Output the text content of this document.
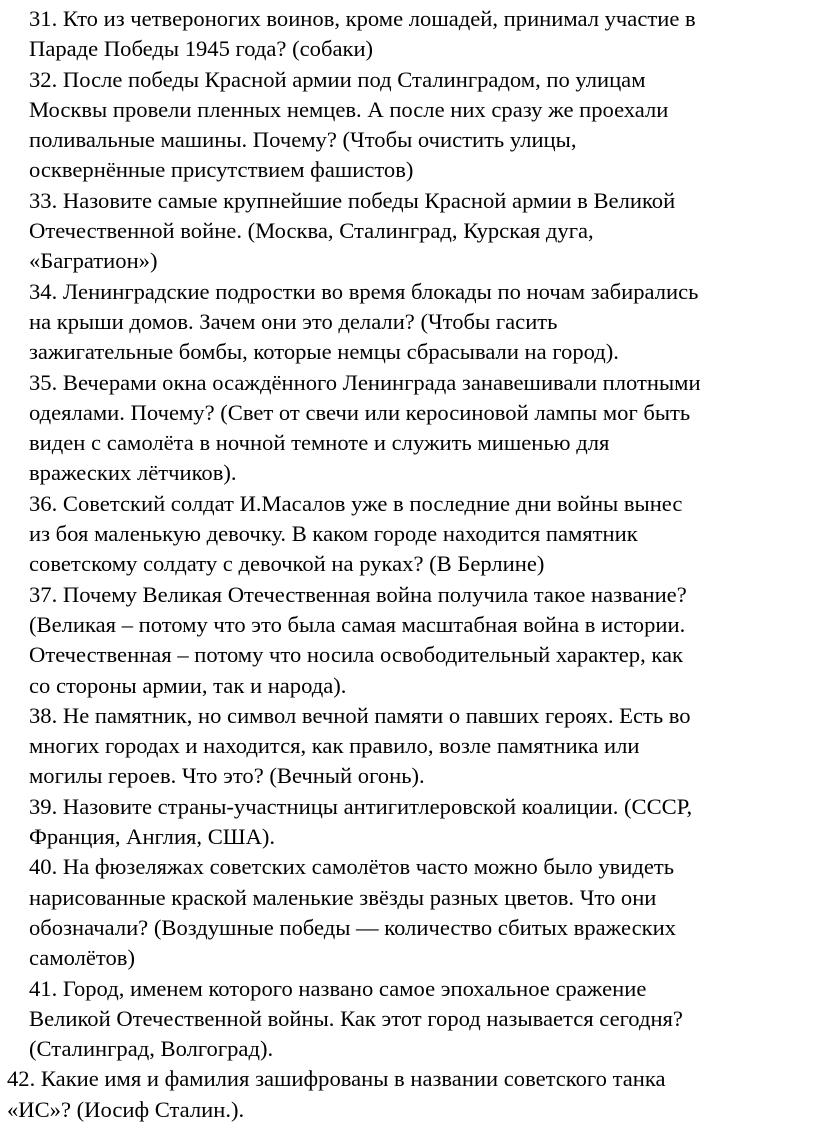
31. Кто из четвероногих воинов, кроме лошадей, принимал участие в
Параде Победы 1945 года? (собаки)

32. После победы Красной армии под Сталинградом, по улицам
Москвы провели пленных немцев. А после них сразу же проехали
поливальные машины. Почему? (Чтобы очистить улицы,
осквернённые присутствием фашистов)

33. Назовите самые крупнейшие победы Красной армии в Великой
Отечественной войне. (Москва, Сталинград, Курская дуга,
«Багратион»)

34. Ленинградские подростки во время блокады по ночам забирались
на крыши домов. Зачем они это делали? (Чтобы гасить
зажигательные бомбы, которые немцы сбрасывали на город).

35. Вечерами окна осаждённого Ленинграда занавешивали плотными
одеялами. Почему? (Свет от свечи или керосиновой лампы мог быть
виден с самолёта в ночной темноте и служить мишенью для
вражеских лётчиков).

36. Советский солдат И.Масалов уже в последние дни войны вынес
из боя маленькую девочку. В каком городе находится памятник
советскому солдату с девочкой на руках? (В Берлине)

37. Почему Великая Отечественная война получила такое название?
(Великая – потому что это была самая масштабная война в истории.
Отечественная – потому что носила освободительный характер, как
со стороны армии, так и народа).

38. Не памятник, но символ вечной памяти о павших героях. Есть во
многих городах и находится, как правило, возле памятника или
могилы героев. Что это? (Вечный огонь).

39. Назовите страны-участницы антигитлеровской коалиции. (СССР,
Франция, Англия, США).

40. На фюзеляжах советских самолётов часто можно было увидеть
нарисованные краской маленькие звёзды разных цветов. Что они
обозначали? (Воздушные победы — количество сбитых вражеских
самолётов)

41. Город, именем которого названо самое эпохальное сражение
Великой Отечественной войны. Как этот город называется сегодня?
(Сталинград, Волгоград).

42. Какие имя и фамилия зашифрованы в названии советского танка
«ИС»? (Иосиф Сталин.).
